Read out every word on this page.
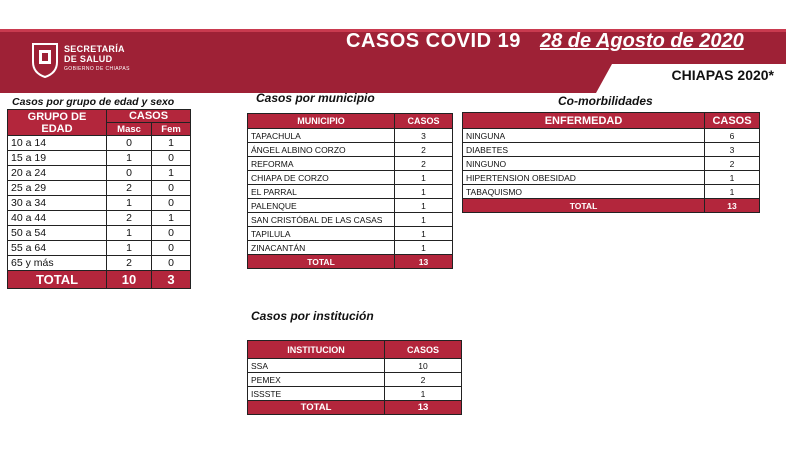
SECRETARÍA
DE SALUD
GOBIERNO DE CHIAPAS
CASOS COVID 19 28 de Agosto de 2020
CHIAPAS 2020*
Casos por grupo de edad y sexo
GRUPO DE EDAD	CASOS	
	Masc	Fem
10 a 14	0	1
15 a 19	1	0
20 a 24	0	1
25 a 29	2	0
30 a 34	1	0
40 a 44	2	1
50 a 54	1	0
55 a 64	1	0
65 y más	2	0
TOTAL	10	3
Casos por municipio
MUNICIPIO	CASOS
TAPACHULA	3
ÁNGEL ALBINO CORZO	2
REFORMA	2
CHIAPA DE CORZO	1
EL PARRAL	1
PALENQUE	1
SAN CRISTÓBAL DE LAS CASAS	1
TAPILULA	1
ZINACANTÁN	1
TOTAL	13
Co-morbilidades
ENFERMEDAD	CASOS
NINGUNA	6
DIABETES	3
NINGUNO	2
HIPERTENSION OBESIDAD	1
TABAQUISMO	1
TOTAL	13
Casos por institución
INSTITUCION	CASOS
SSA	10
PEMEX	2
ISSSTE	1
TOTAL	13
